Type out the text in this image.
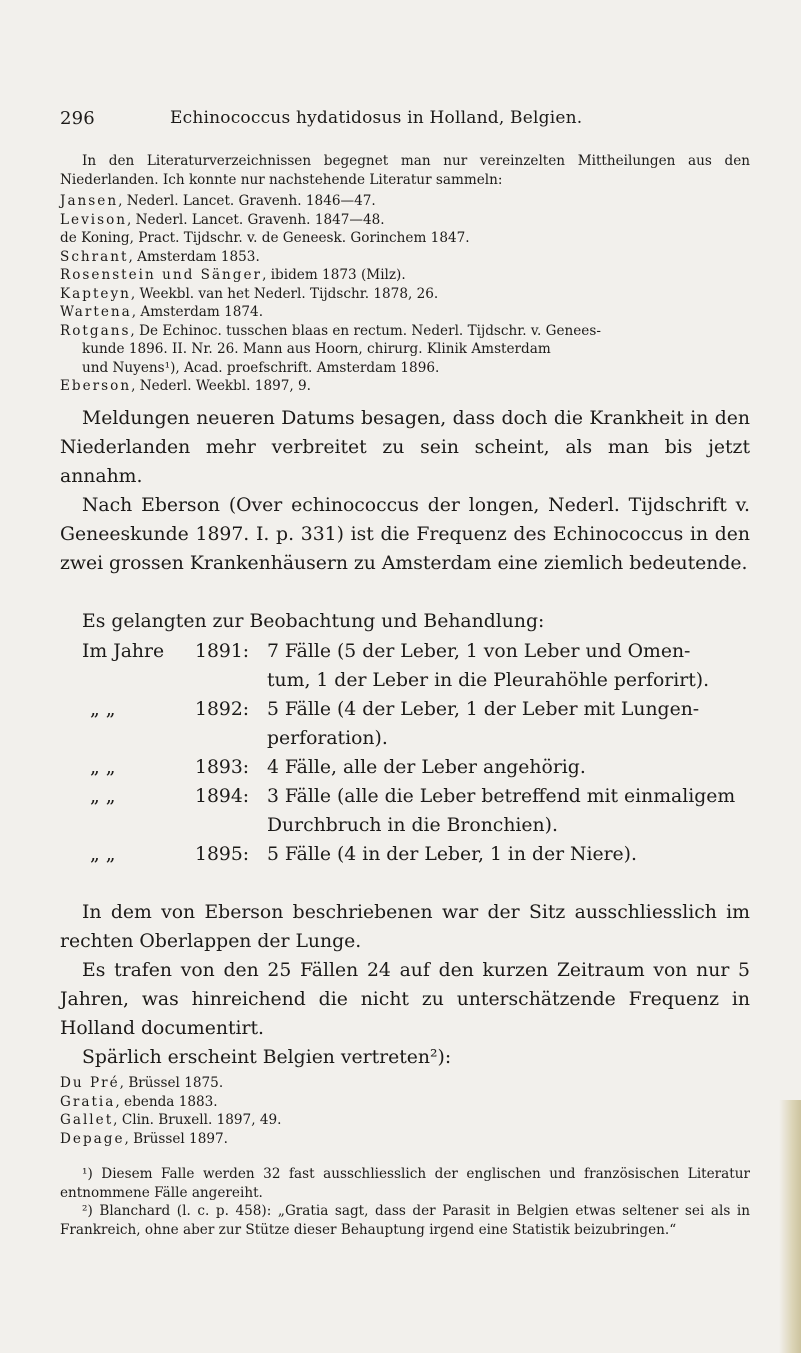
296	Echinococcus hydatidosus in Holland, Belgien.

In den Literaturverzeichnissen begegnet man nur vereinzelten Mittheilungen aus den Niederlanden. Ich konnte nur nachstehende Literatur sammeln:

Jansen, Nederl. Lancet. Gravenh. 1846—47.
Levison, Nederl. Lancet. Gravenh. 1847—48.
de Koning, Pract. Tijdschr. v. de Geneesk. Gorinchem 1847.
Schrant, Amsterdam 1853.
Rosenstein und Sänger, ibidem 1873 (Milz).
Kapteyn, Weekbl. van het Nederl. Tijdschr. 1878, 26.
Wartena, Amsterdam 1874.
Rotgans, De Echinoc. tusschen blaas en rectum. Nederl. Tijdschr. v. Genees-
kunde 1896. II. Nr. 26. Mann aus Hoorn, chirurg. Klinik Amsterdam
und Nuyens¹), Acad. proefschrift. Amsterdam 1896.
Eberson, Nederl. Weekbl. 1897, 9.

Meldungen neueren Datums besagen, dass doch die Krankheit in den Niederlanden mehr verbreitet zu sein scheint, als man bis jetzt annahm.

Nach Eberson (Over echinococcus der longen, Nederl. Tijdschrift v. Geneeskunde 1897. I. p. 331) ist die Frequenz des Echinococcus in den zwei grossen Krankenhäusern zu Amsterdam eine ziemlich bedeutende.

Es gelangten zur Beobachtung und Behandlung:

Im Jahre 1891: 7 Fälle (5 der Leber, 1 von Leber und Omen-
tum, 1 der Leber in die Pleurahöhle perforirt).
„ „	1892: 5 Fälle (4 der Leber, 1 der Leber mit Lungen-
perforation).
„ „	1893: 4 Fälle, alle der Leber angehörig.
„ „	1894: 3 Fälle (alle die Leber betreffend mit einmaligem
Durchbruch in die Bronchien).
„ „	1895: 5 Fälle (4 in der Leber, 1 in der Niere).

In dem von Eberson beschriebenen war der Sitz ausschliesslich im rechten Oberlappen der Lunge.

Es trafen von den 25 Fällen 24 auf den kurzen Zeitraum von nur 5 Jahren, was hinreichend die nicht zu unterschätzende Frequenz in Holland documentirt.

Spärlich erscheint Belgien vertreten²):

Du Pré, Brüssel 1875.
Gratia, ebenda 1883.
Gallet, Clin. Bruxell. 1897, 49.
Depage, Brüssel 1897.

¹) Diesem Falle werden 32 fast ausschliesslich der englischen und französischen Literatur entnommene Fälle angereiht.

²) Blanchard (l. c. p. 458): „Gratia sagt, dass der Parasit in Belgien etwas seltener sei als in Frankreich, ohne aber zur Stütze dieser Behauptung irgend eine Statistik beizubringen.“
